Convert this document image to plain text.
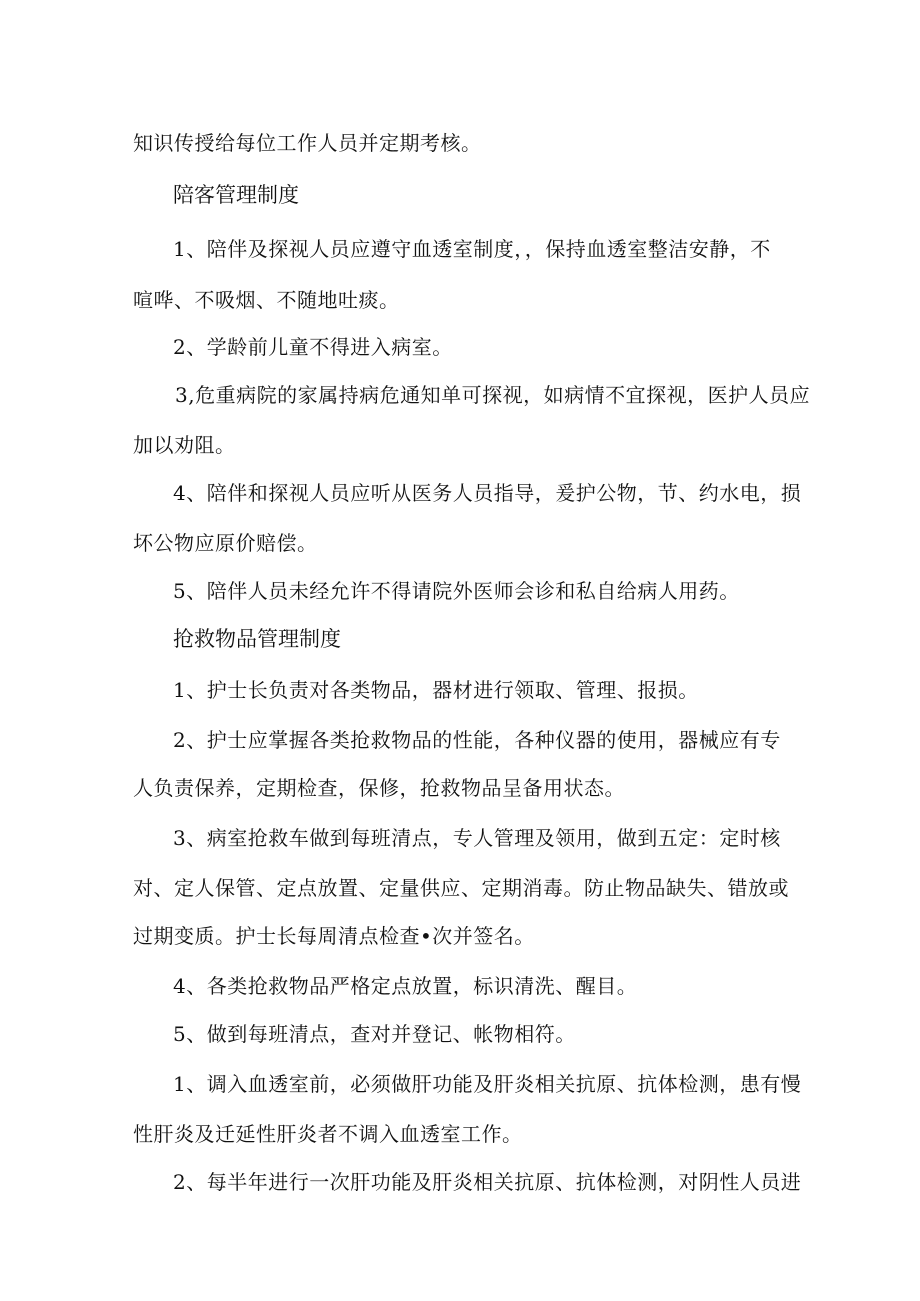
知识传授给每位工作人员并定期考核。
陪客管理制度
1、陪伴及探视人员应遵守血透室制度，，保持血透室整洁安静，不
喧哗、不吸烟、不随地吐痰。
2、学龄前儿童不得进入病室。
3,危重病院的家属持病危通知单可探视，如病情不宜探视，医护人员应
加以劝阻。
4、陪伴和探视人员应听从医务人员指导，爰护公物，节、约水电，损
坏公物应原价赔偿。
5、陪伴人员未经允许不得请院外医师会诊和私自给病人用药。
抢救物品管理制度
1、护士长负责对各类物品，器材进行领取、管理、报损。
2、护士应掌握各类抢救物品的性能，各种仪器的使用，器械应有专
人负责保养，定期检查，保修，抢救物品呈备用状态。
3、病室抢救车做到每班清点，专人管理及领用，做到五定：定时核
对、定人保管、定点放置、定量供应、定期消毒。防止物品缺失、错放或
过期变质。护士长每周清点检查•次并签名。
4、各类抢救物品严格定点放置，标识清洗、醒目。
5、做到每班清点，查对并登记、帐物相符。
1、调入血透室前，必须做肝功能及肝炎相关抗原、抗体检测，患有慢
性肝炎及迁延性肝炎者不调入血透室工作。
2、每半年进行一次肝功能及肝炎相关抗原、抗体检测，对阴性人员进
